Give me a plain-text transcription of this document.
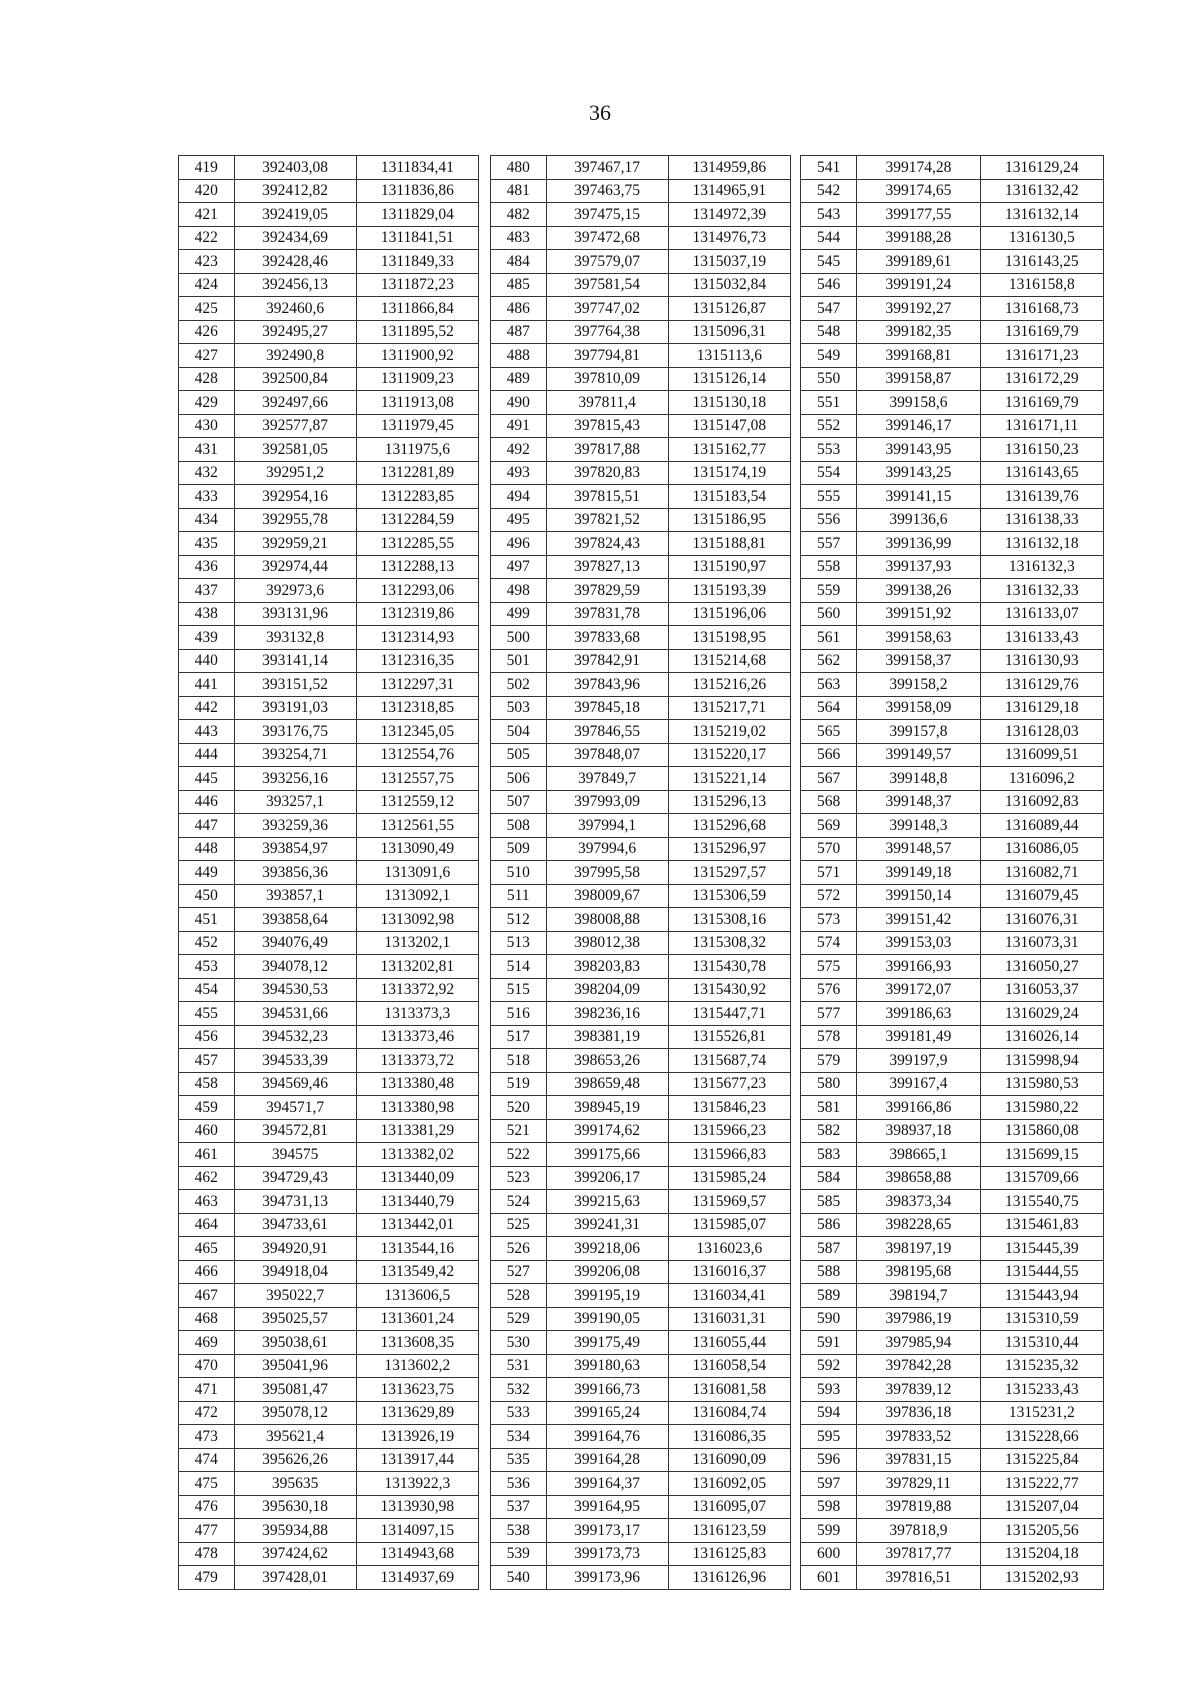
36
419	392403,08	1311834,41
420	392412,82	1311836,86
421	392419,05	1311829,04
422	392434,69	1311841,51
423	392428,46	1311849,33
424	392456,13	1311872,23
425	392460,6	1311866,84
426	392495,27	1311895,52
427	392490,8	1311900,92
428	392500,84	1311909,23
429	392497,66	1311913,08
430	392577,87	1311979,45
431	392581,05	1311975,6
432	392951,2	1312281,89
433	392954,16	1312283,85
434	392955,78	1312284,59
435	392959,21	1312285,55
436	392974,44	1312288,13
437	392973,6	1312293,06
438	393131,96	1312319,86
439	393132,8	1312314,93
440	393141,14	1312316,35
441	393151,52	1312297,31
442	393191,03	1312318,85
443	393176,75	1312345,05
444	393254,71	1312554,76
445	393256,16	1312557,75
446	393257,1	1312559,12
447	393259,36	1312561,55
448	393854,97	1313090,49
449	393856,36	1313091,6
450	393857,1	1313092,1
451	393858,64	1313092,98
452	394076,49	1313202,1
453	394078,12	1313202,81
454	394530,53	1313372,92
455	394531,66	1313373,3
456	394532,23	1313373,46
457	394533,39	1313373,72
458	394569,46	1313380,48
459	394571,7	1313380,98
460	394572,81	1313381,29
461	394575	1313382,02
462	394729,43	1313440,09
463	394731,13	1313440,79
464	394733,61	1313442,01
465	394920,91	1313544,16
466	394918,04	1313549,42
467	395022,7	1313606,5
468	395025,57	1313601,24
469	395038,61	1313608,35
470	395041,96	1313602,2
471	395081,47	1313623,75
472	395078,12	1313629,89
473	395621,4	1313926,19
474	395626,26	1313917,44
475	395635	1313922,3
476	395630,18	1313930,98
477	395934,88	1314097,15
478	397424,62	1314943,68
479	397428,01	1314937,69
480	397467,17	1314959,86
481	397463,75	1314965,91
482	397475,15	1314972,39
483	397472,68	1314976,73
484	397579,07	1315037,19
485	397581,54	1315032,84
486	397747,02	1315126,87
487	397764,38	1315096,31
488	397794,81	1315113,6
489	397810,09	1315126,14
490	397811,4	1315130,18
491	397815,43	1315147,08
492	397817,88	1315162,77
493	397820,83	1315174,19
494	397815,51	1315183,54
495	397821,52	1315186,95
496	397824,43	1315188,81
497	397827,13	1315190,97
498	397829,59	1315193,39
499	397831,78	1315196,06
500	397833,68	1315198,95
501	397842,91	1315214,68
502	397843,96	1315216,26
503	397845,18	1315217,71
504	397846,55	1315219,02
505	397848,07	1315220,17
506	397849,7	1315221,14
507	397993,09	1315296,13
508	397994,1	1315296,68
509	397994,6	1315296,97
510	397995,58	1315297,57
511	398009,67	1315306,59
512	398008,88	1315308,16
513	398012,38	1315308,32
514	398203,83	1315430,78
515	398204,09	1315430,92
516	398236,16	1315447,71
517	398381,19	1315526,81
518	398653,26	1315687,74
519	398659,48	1315677,23
520	398945,19	1315846,23
521	399174,62	1315966,23
522	399175,66	1315966,83
523	399206,17	1315985,24
524	399215,63	1315969,57
525	399241,31	1315985,07
526	399218,06	1316023,6
527	399206,08	1316016,37
528	399195,19	1316034,41
529	399190,05	1316031,31
530	399175,49	1316055,44
531	399180,63	1316058,54
532	399166,73	1316081,58
533	399165,24	1316084,74
534	399164,76	1316086,35
535	399164,28	1316090,09
536	399164,37	1316092,05
537	399164,95	1316095,07
538	399173,17	1316123,59
539	399173,73	1316125,83
540	399173,96	1316126,96
541	399174,28	1316129,24
542	399174,65	1316132,42
543	399177,55	1316132,14
544	399188,28	1316130,5
545	399189,61	1316143,25
546	399191,24	1316158,8
547	399192,27	1316168,73
548	399182,35	1316169,79
549	399168,81	1316171,23
550	399158,87	1316172,29
551	399158,6	1316169,79
552	399146,17	1316171,11
553	399143,95	1316150,23
554	399143,25	1316143,65
555	399141,15	1316139,76
556	399136,6	1316138,33
557	399136,99	1316132,18
558	399137,93	1316132,3
559	399138,26	1316132,33
560	399151,92	1316133,07
561	399158,63	1316133,43
562	399158,37	1316130,93
563	399158,2	1316129,76
564	399158,09	1316129,18
565	399157,8	1316128,03
566	399149,57	1316099,51
567	399148,8	1316096,2
568	399148,37	1316092,83
569	399148,3	1316089,44
570	399148,57	1316086,05
571	399149,18	1316082,71
572	399150,14	1316079,45
573	399151,42	1316076,31
574	399153,03	1316073,31
575	399166,93	1316050,27
576	399172,07	1316053,37
577	399186,63	1316029,24
578	399181,49	1316026,14
579	399197,9	1315998,94
580	399167,4	1315980,53
581	399166,86	1315980,22
582	398937,18	1315860,08
583	398665,1	1315699,15
584	398658,88	1315709,66
585	398373,34	1315540,75
586	398228,65	1315461,83
587	398197,19	1315445,39
588	398195,68	1315444,55
589	398194,7	1315443,94
590	397986,19	1315310,59
591	397985,94	1315310,44
592	397842,28	1315235,32
593	397839,12	1315233,43
594	397836,18	1315231,2
595	397833,52	1315228,66
596	397831,15	1315225,84
597	397829,11	1315222,77
598	397819,88	1315207,04
599	397818,9	1315205,56
600	397817,77	1315204,18
601	397816,51	1315202,93
